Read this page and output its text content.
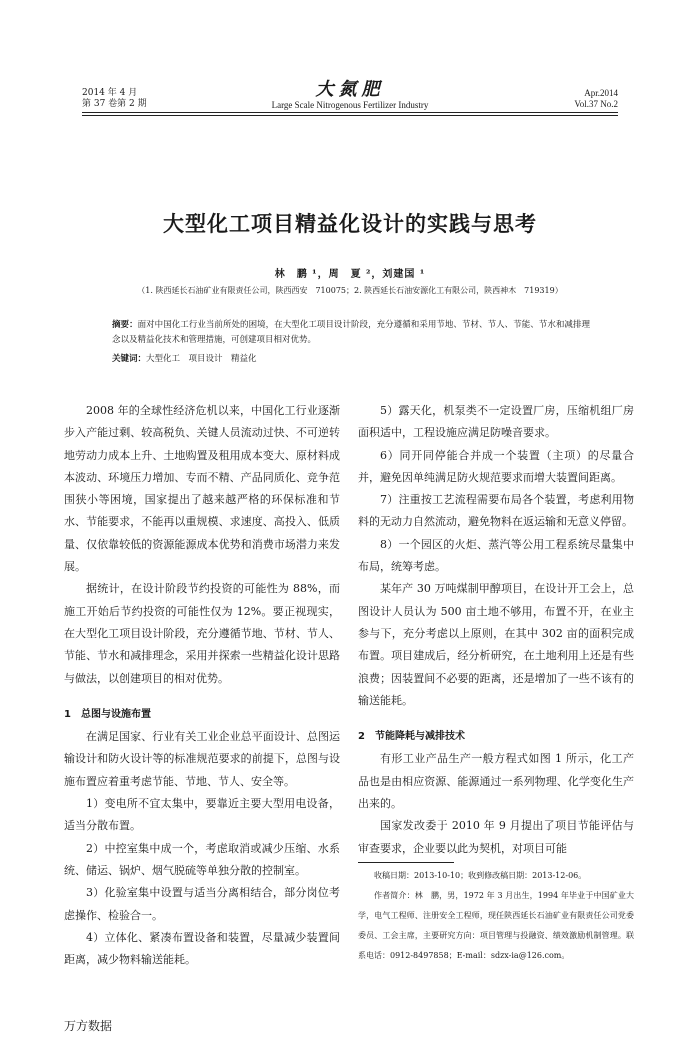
2014 年 4 月
第 37 卷第 2 期
大氮肥
Large Scale Nitrogenous Fertilizer Industry
Apr.2014
Vol.37 No.2
大型化工项目精益化设计的实践与思考
林　鹏 ¹，周　夏 ²，刘建国 ¹
（1. 陕西延长石油矿业有限责任公司，陕西西安　710075；2. 陕西延长石油安源化工有限公司，陕西神木　719319）
摘要：面对中国化工行业当前所处的困境，在大型化工项目设计阶段，充分遵循和采用节地、节材、节人、节能、节水和减排理念以及精益化技术和管理措施，可创建项目相对优势。
关键词：大型化工　项目设计　精益化

2008 年的全球性经济危机以来，中国化工行业逐渐步入产能过剩、较高税负、关键人员流动过快、不可逆转地劳动力成本上升、土地购置及租用成本变大、原材料成本波动、环境压力增加、专而不精、产品同质化、竞争范围狭小等困境，国家提出了越来越严格的环保标准和节水、节能要求，不能再以重规模、求速度、高投入、低质量、仅依靠较低的资源能源成本优势和消费市场潜力来发展。

据统计，在设计阶段节约投资的可能性为 88%，而施工开始后节约投资的可能性仅为 12%。要正视现实，在大型化工项目设计阶段，充分遵循节地、节材、节人、节能、节水和减排理念，采用并探索一些精益化设计思路与做法，以创建项目的相对优势。

1　总图与设施布置

在满足国家、行业有关工业企业总平面设计、总图运输设计和防火设计等的标准规范要求的前提下，总图与设施布置应着重考虑节能、节地、节人、安全等。

1）变电所不宜太集中，要靠近主要大型用电设备，适当分散布置。

2）中控室集中成一个，考虑取消或减少压缩、水系统、储运、锅炉、烟气脱硫等单独分散的控制室。

3）化验室集中设置与适当分离相结合，部分岗位考虑操作、检验合一。

4）立体化、紧凑布置设备和装置，尽量减少装置间距离，减少物料输送能耗。

5）露天化，机泵类不一定设置厂房，压缩机组厂房面积适中，工程设施应满足防噪音要求。

6）同开同停能合并成一个装置（主项）的尽量合并，避免因单纯满足防火规范要求而增大装置间距离。

7）注重按工艺流程需要布局各个装置，考虑利用物料的无动力自然流动，避免物料在返运输和无意义停留。

8）一个园区的火炬、蒸汽等公用工程系统尽量集中布局，统筹考虑。

某年产 30 万吨煤制甲醇项目，在设计开工会上，总图设计人员认为 500 亩土地不够用，布置不开，在业主参与下，充分考虑以上原则，在其中 302 亩的面积完成布置。项目建成后，经分析研究，在土地利用上还是有些浪费；因装置间不必要的距离，还是增加了一些不该有的输送能耗。

2　节能降耗与减排技术

有形工业产品生产一般方程式如图 1 所示，化工产品也是由相应资源、能源通过一系列物理、化学变化生产出来的。

国家发改委于 2010 年 9 月提出了项目节能评估与审查要求，企业要以此为契机，对项目可能

收稿日期：2013-10-10；收到修改稿日期：2013-12-06。

作者简介：林　鹏，男，1972 年 3 月出生，1994 年毕业于中国矿业大学，电气工程师、注册安全工程师，现任陕西延长石油矿业有限责任公司党委委员、工会主席，主要研究方向：项目管理与投融资、绩效激励机制管理。联系电话：0912-8497858；E-mail：sdzx-ia@126.com。

万方数据
